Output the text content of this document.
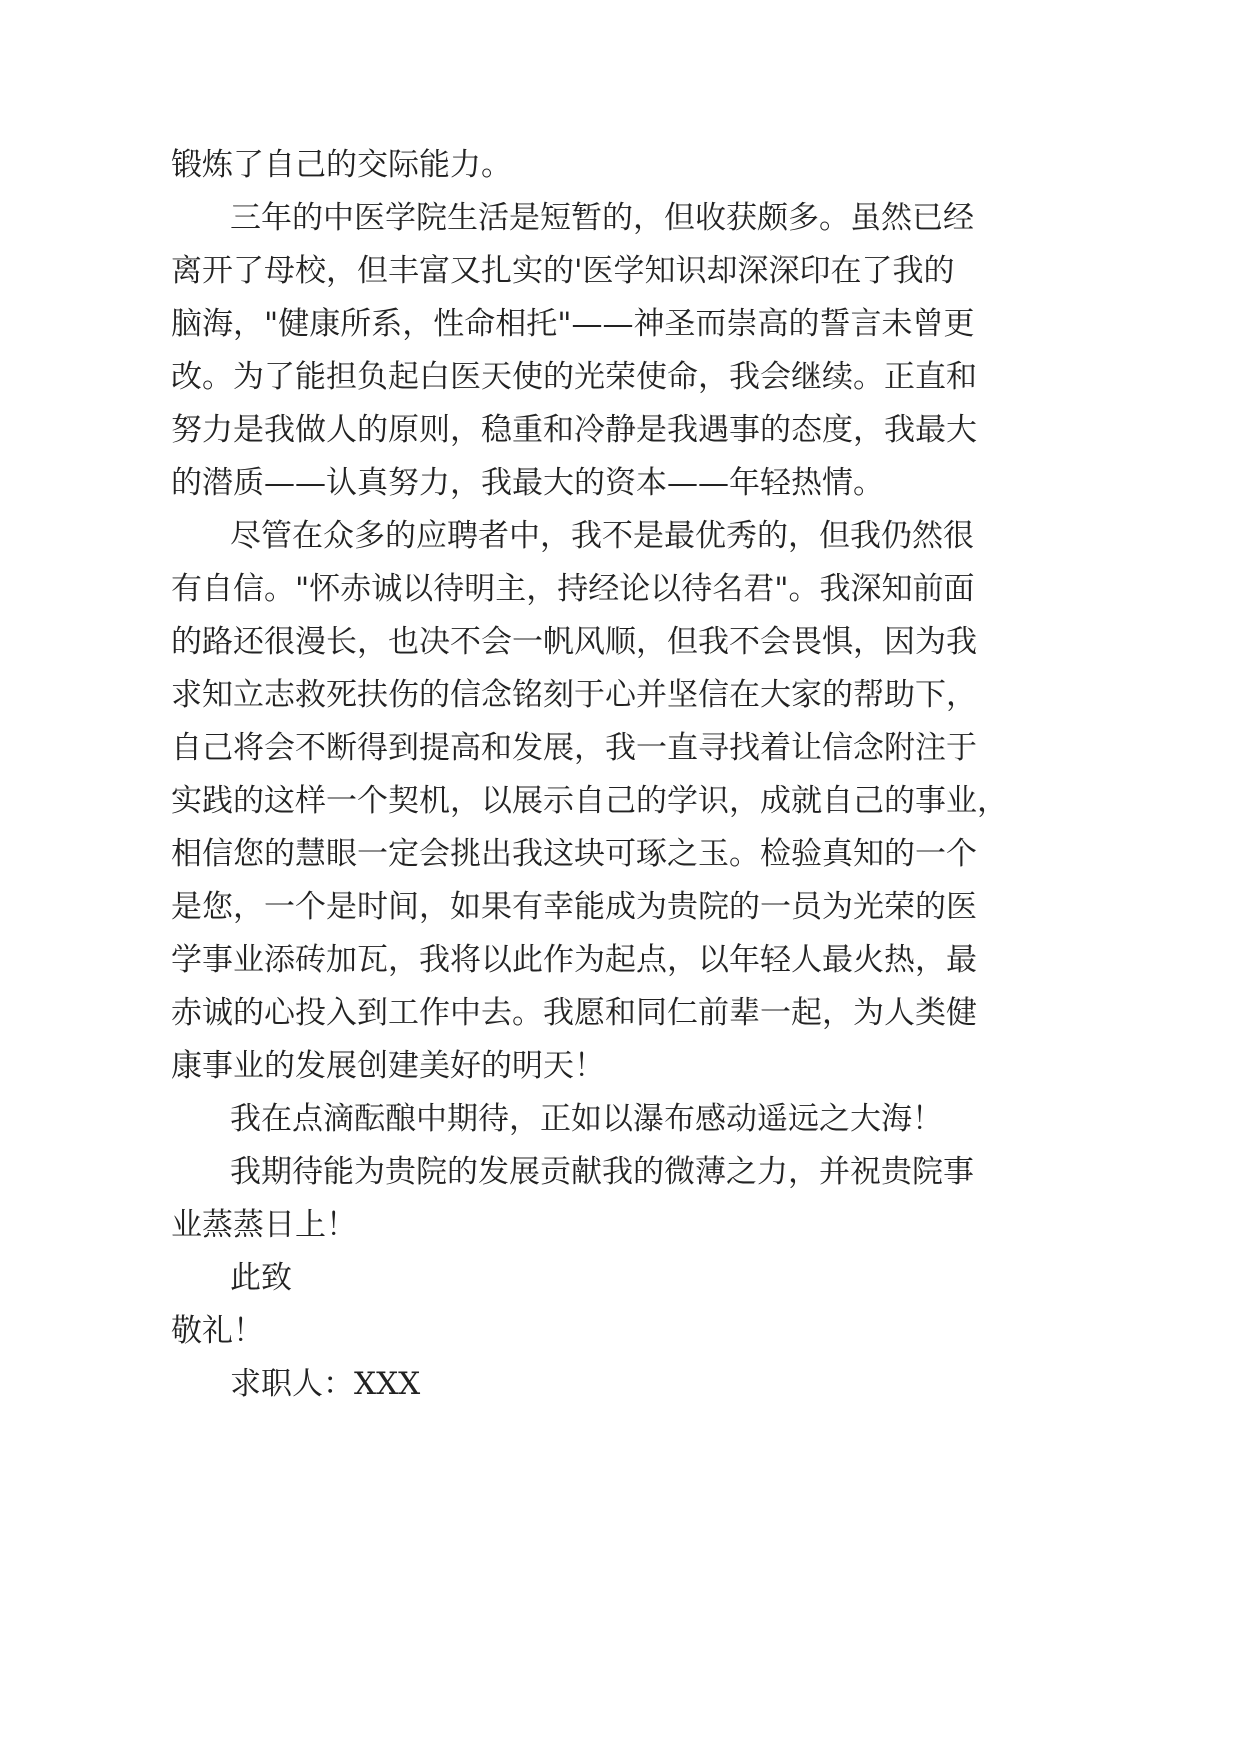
锻炼了自己的交际能力。
三年的中医学院生活是短暂的，但收获颇多。虽然已经
离开了母校，但丰富又扎实的'医学知识却深深印在了我的
脑海，"健康所系，性命相托"——神圣而崇高的誓言未曾更
改。为了能担负起白医天使的光荣使命，我会继续。正直和
努力是我做人的原则，稳重和冷静是我遇事的态度，我最大
的潜质——认真努力，我最大的资本——年轻热情。
尽管在众多的应聘者中，我不是最优秀的，但我仍然很
有自信。"怀赤诚以待明主，持经论以待名君"。我深知前面
的路还很漫长，也决不会一帆风顺，但我不会畏惧，因为我
求知立志救死扶伤的信念铭刻于心并坚信在大家的帮助下，
自己将会不断得到提高和发展，我一直寻找着让信念附注于
实践的这样一个契机，以展示自己的学识，成就自己的事业，
相信您的慧眼一定会挑出我这块可琢之玉。检验真知的一个
是您，一个是时间，如果有幸能成为贵院的一员为光荣的医
学事业添砖加瓦，我将以此作为起点，以年轻人最火热，最
赤诚的心投入到工作中去。我愿和同仁前辈一起，为人类健
康事业的发展创建美好的明天！
我在点滴酝酿中期待，正如以瀑布感动遥远之大海！
我期待能为贵院的发展贡献我的微薄之力，并祝贵院事
业蒸蒸日上！
此致
敬礼！
求职人：XXX
